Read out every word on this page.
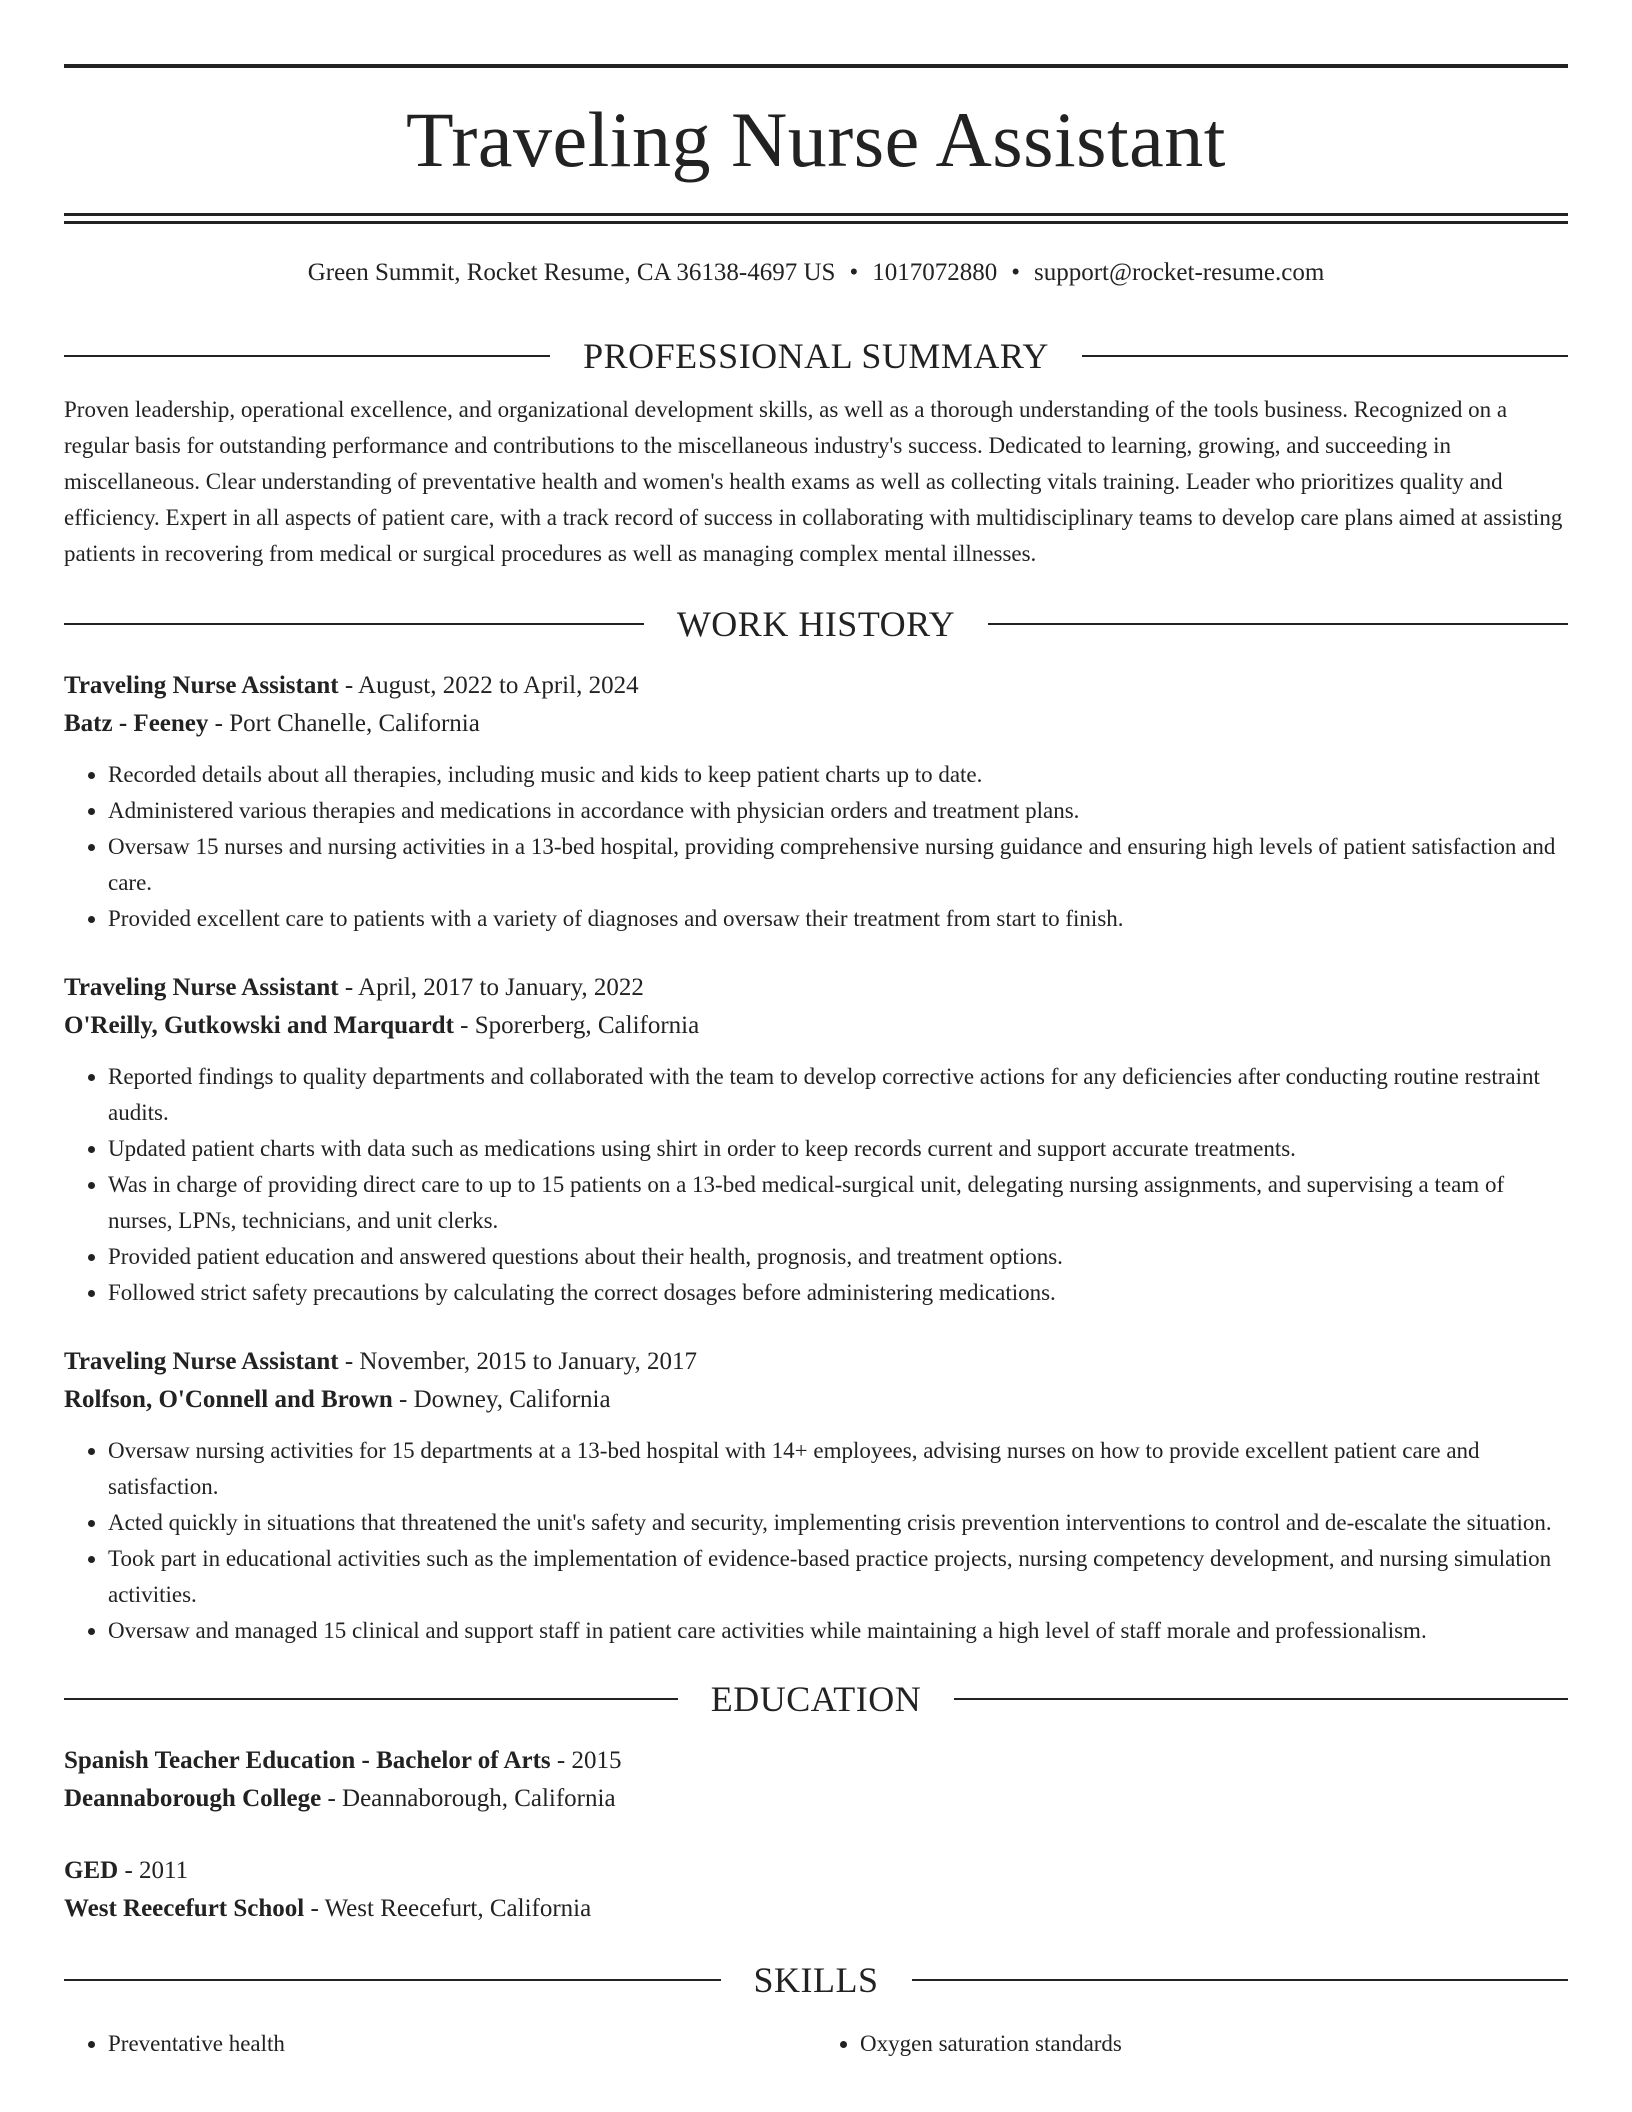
Traveling Nurse Assistant
Green Summit, Rocket Resume, CA 36138-4697 US • 1017072880 • support@rocket-resume.com
PROFESSIONAL SUMMARY
Proven leadership, operational excellence, and organizational development skills, as well as a thorough understanding of the tools business. Recognized on a regular basis for outstanding performance and contributions to the miscellaneous industry's success. Dedicated to learning, growing, and succeeding in miscellaneous. Clear understanding of preventative health and women's health exams as well as collecting vitals training. Leader who prioritizes quality and efficiency. Expert in all aspects of patient care, with a track record of success in collaborating with multidisciplinary teams to develop care plans aimed at assisting patients in recovering from medical or surgical procedures as well as managing complex mental illnesses.
WORK HISTORY
Traveling Nurse Assistant - August, 2022 to April, 2024
Batz - Feeney - Port Chanelle, California
• Recorded details about all therapies, including music and kids to keep patient charts up to date.
• Administered various therapies and medications in accordance with physician orders and treatment plans.
• Oversaw 15 nurses and nursing activities in a 13-bed hospital, providing comprehensive nursing guidance and ensuring high levels of patient satisfaction and care.
• Provided excellent care to patients with a variety of diagnoses and oversaw their treatment from start to finish.
Traveling Nurse Assistant - April, 2017 to January, 2022
O'Reilly, Gutkowski and Marquardt - Sporerberg, California
• Reported findings to quality departments and collaborated with the team to develop corrective actions for any deficiencies after conducting routine restraint audits.
• Updated patient charts with data such as medications using shirt in order to keep records current and support accurate treatments.
• Was in charge of providing direct care to up to 15 patients on a 13-bed medical-surgical unit, delegating nursing assignments, and supervising a team of nurses, LPNs, technicians, and unit clerks.
• Provided patient education and answered questions about their health, prognosis, and treatment options.
• Followed strict safety precautions by calculating the correct dosages before administering medications.
Traveling Nurse Assistant - November, 2015 to January, 2017
Rolfson, O'Connell and Brown - Downey, California
• Oversaw nursing activities for 15 departments at a 13-bed hospital with 14+ employees, advising nurses on how to provide excellent patient care and satisfaction.
• Acted quickly in situations that threatened the unit's safety and security, implementing crisis prevention interventions to control and de-escalate the situation.
• Took part in educational activities such as the implementation of evidence-based practice projects, nursing competency development, and nursing simulation activities.
• Oversaw and managed 15 clinical and support staff in patient care activities while maintaining a high level of staff morale and professionalism.
EDUCATION
Spanish Teacher Education - Bachelor of Arts - 2015
Deannaborough College - Deannaborough, California
GED - 2011
West Reecefurt School - West Reecefurt, California
SKILLS
• Preventative health
•	Oxygen saturation standards
